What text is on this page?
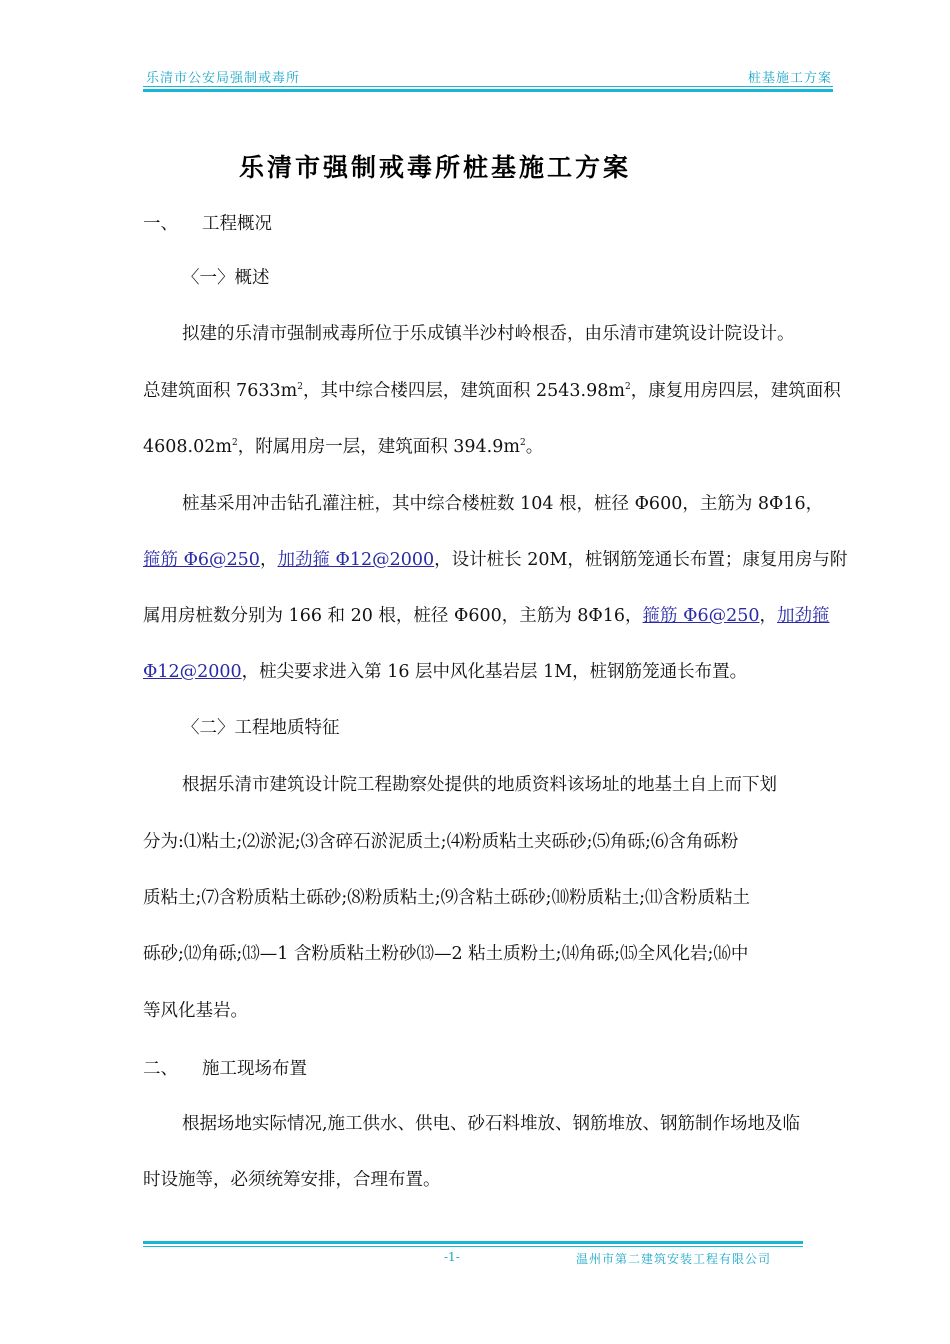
乐清市公安局强制戒毒所	桩基施工方案
乐清市强制戒毒所桩基施工方案
一、 工程概况
〈一〉概述
拟建的乐清市强制戒毒所位于乐成镇半沙村岭根岙，由乐清市建筑设计院设计。
总建筑面积 $7633m^2$，其中综合楼四层，建筑面积 $2543.98m^2$，康复用房四层，建筑面积
$4608.02m^2$，附属用房一层，建筑面积 $394.9m^2$。
桩基采用冲击钻孔灌注桩，其中综合楼桩数 104 根，桩径 Φ600，主筋为 8Φ16，
箍筋 Φ6@250，加劲箍 Φ12@2000，设计桩长 20M，桩钢筋笼通长布置；康复用房与附
属用房桩数分别为 166 和 20 根，桩径 Φ600，主筋为 8Φ16，箍筋 Φ6@250，加劲箍
Φ12@2000，桩尖要求进入第 16 层中风化基岩层 1M，桩钢筋笼通长布置。
〈二〉工程地质特征
根据乐清市建筑设计院工程勘察处提供的地质资料该场址的地基土自上而下划
分为:⑴粘土;⑵淤泥;⑶含碎石淤泥质土;⑷粉质粘土夹砾砂;⑸角砾;⑹含角砾粉
质粘土;⑺含粉质粘土砾砂;⑻粉质粘土;⑼含粘土砾砂;⑽粉质粘土;⑾含粉质粘土
砾砂;⑿角砾;⒀—1 含粉质粘土粉砂⒀—2 粘土质粉土;⒁角砾;⒂全风化岩;⒃中
等风化基岩。
二、 施工现场布置
根据场地实际情况,施工供水、供电、砂石料堆放、钢筋堆放、钢筋制作场地及临
时设施等，必须统筹安排，合理布置。
-1-	温州市第二建筑安装工程有限公司
